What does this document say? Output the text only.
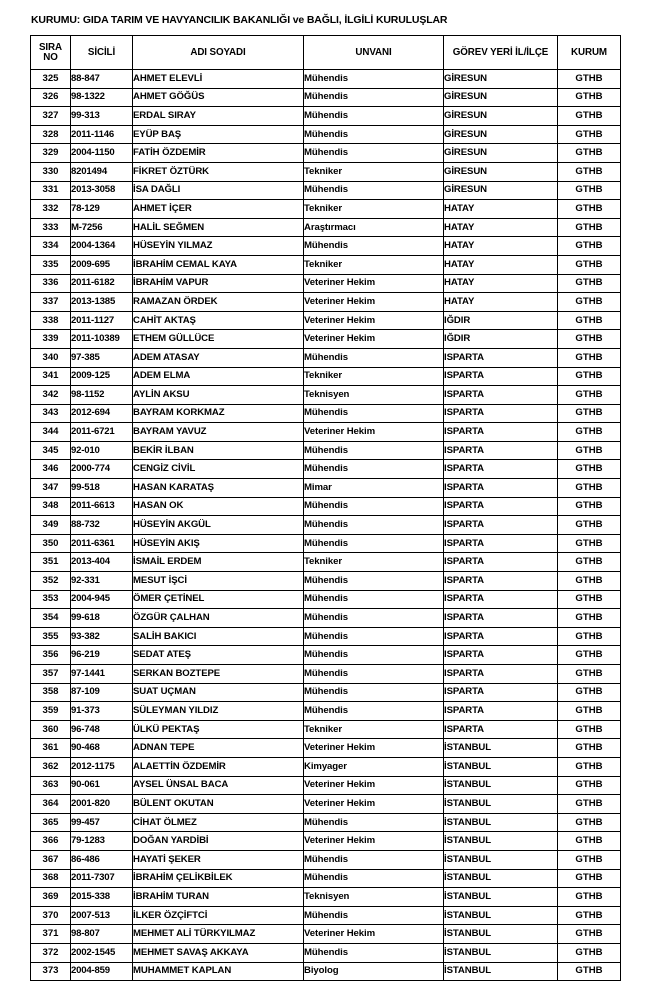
KURUMU: GIDA TARIM VE HAVYANCILIK BAKANLIĞI ve BAĞLI, İLGİLİ KURULUŞLAR
SIRA
NO	SİCİLİ	ADI SOYADI	UNVANI	GÖREV YERİ İL/İLÇE	KURUM
325	88-847	AHMET ELEVLİ	Mühendis	GİRESUN	GTHB
326	98-1322	AHMET GÖĞÜS	Mühendis	GİRESUN	GTHB
327	99-313	ERDAL SIRAY	Mühendis	GİRESUN	GTHB
328	2011-1146	EYÜP BAŞ	Mühendis	GİRESUN	GTHB
329	2004-1150	FATİH ÖZDEMİR	Mühendis	GİRESUN	GTHB
330	8201494	FİKRET ÖZTÜRK	Tekniker	GİRESUN	GTHB
331	2013-3058	İSA DAĞLI	Mühendis	GİRESUN	GTHB
332	78-129	AHMET İÇER	Tekniker	HATAY	GTHB
333	M-7256	HALİL SEĞMEN	Araştırmacı	HATAY	GTHB
334	2004-1364	HÜSEYİN YILMAZ	Mühendis	HATAY	GTHB
335	2009-695	İBRAHİM CEMAL KAYA	Tekniker	HATAY	GTHB
336	2011-6182	İBRAHİM VAPUR	Veteriner Hekim	HATAY	GTHB
337	2013-1385	RAMAZAN ÖRDEK	Veteriner Hekim	HATAY	GTHB
338	2011-1127	CAHİT AKTAŞ	Veteriner Hekim	IĞDIR	GTHB
339	2011-10389	ETHEM GÜLLÜCE	Veteriner Hekim	IĞDIR	GTHB
340	97-385	ADEM ATASAY	Mühendis	ISPARTA	GTHB
341	2009-125	ADEM ELMA	Tekniker	ISPARTA	GTHB
342	98-1152	AYLİN AKSU	Teknisyen	ISPARTA	GTHB
343	2012-694	BAYRAM KORKMAZ	Mühendis	ISPARTA	GTHB
344	2011-6721	BAYRAM YAVUZ	Veteriner Hekim	ISPARTA	GTHB
345	92-010	BEKİR İLBAN	Mühendis	ISPARTA	GTHB
346	2000-774	CENGİZ CİVİL	Mühendis	ISPARTA	GTHB
347	99-518	HASAN KARATAŞ	Mimar	ISPARTA	GTHB
348	2011-6613	HASAN OK	Mühendis	ISPARTA	GTHB
349	88-732	HÜSEYİN AKGÜL	Mühendis	ISPARTA	GTHB
350	2011-6361	HÜSEYİN AKIŞ	Mühendis	ISPARTA	GTHB
351	2013-404	İSMAİL ERDEM	Tekniker	ISPARTA	GTHB
352	92-331	MESUT İŞCİ	Mühendis	ISPARTA	GTHB
353	2004-945	ÖMER ÇETİNEL	Mühendis	ISPARTA	GTHB
354	99-618	ÖZGÜR ÇALHAN	Mühendis	ISPARTA	GTHB
355	93-382	SALİH BAKICI	Mühendis	ISPARTA	GTHB
356	96-219	SEDAT ATEŞ	Mühendis	ISPARTA	GTHB
357	97-1441	SERKAN BOZTEPE	Mühendis	ISPARTA	GTHB
358	87-109	SUAT UÇMAN	Mühendis	ISPARTA	GTHB
359	91-373	SÜLEYMAN YILDIZ	Mühendis	ISPARTA	GTHB
360	96-748	ÜLKÜ PEKTAŞ	Tekniker	ISPARTA	GTHB
361	90-468	ADNAN TEPE	Veteriner Hekim	İSTANBUL	GTHB
362	2012-1175	ALAETTİN ÖZDEMİR	Kimyager	İSTANBUL	GTHB
363	90-061	AYSEL ÜNSAL BACA	Veteriner Hekim	İSTANBUL	GTHB
364	2001-820	BÜLENT OKUTAN	Veteriner Hekim	İSTANBUL	GTHB
365	99-457	CİHAT ÖLMEZ	Mühendis	İSTANBUL	GTHB
366	79-1283	DOĞAN YARDİBİ	Veteriner Hekim	İSTANBUL	GTHB
367	86-486	HAYATİ ŞEKER	Mühendis	İSTANBUL	GTHB
368	2011-7307	İBRAHİM ÇELİKBİLEK	Mühendis	İSTANBUL	GTHB
369	2015-338	İBRAHİM TURAN	Teknisyen	İSTANBUL	GTHB
370	2007-513	İLKER ÖZÇİFTCİ	Mühendis	İSTANBUL	GTHB
371	98-807	MEHMET ALİ TÜRKYILMAZ	Veteriner Hekim	İSTANBUL	GTHB
372	2002-1545	MEHMET SAVAŞ AKKAYA	Mühendis	İSTANBUL	GTHB
373	2004-859	MUHAMMET KAPLAN	Biyolog	İSTANBUL	GTHB
